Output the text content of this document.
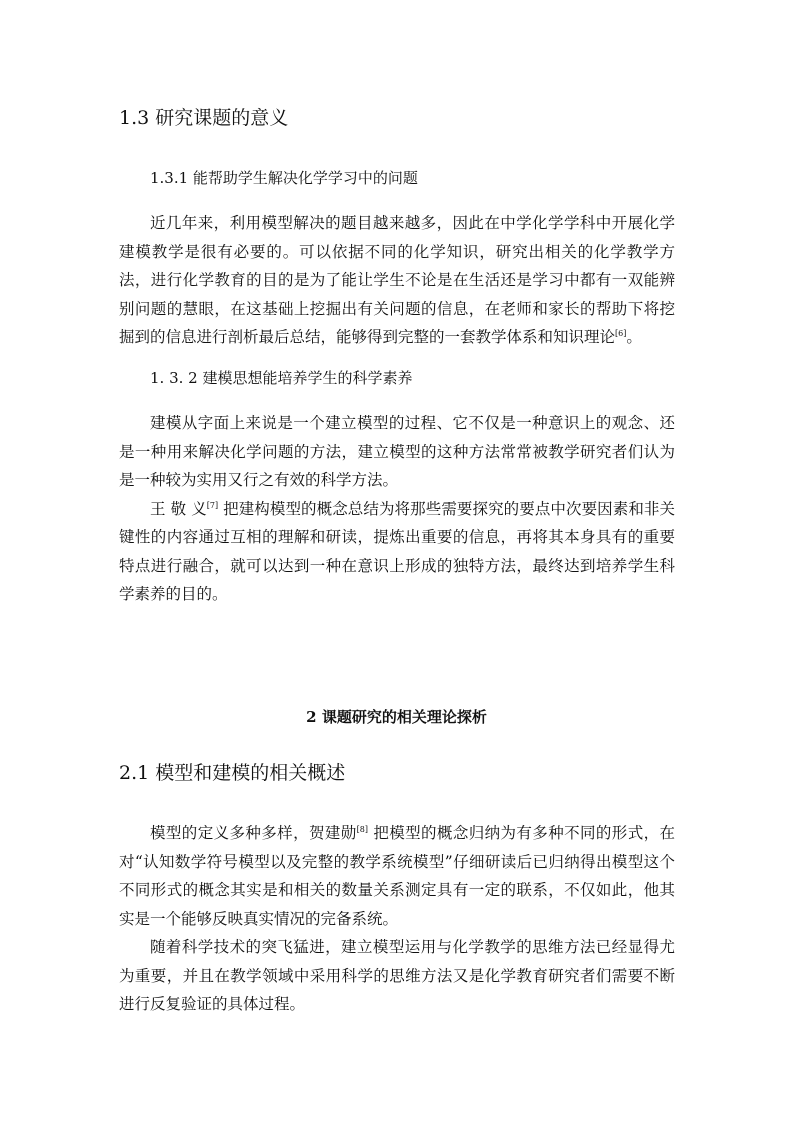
1.3 研究课题的意义
1.3.1 能帮助学生解决化学学习中的问题

近几年来，利用模型解决的题目越来越多，因此在中学化学学科中开展化学建模教学是很有必要的。可以依据不同的化学知识，研究出相关的化学教学方法，进行化学教育的目的是为了能让学生不论是在生活还是学习中都有一双能辨别问题的慧眼，在这基础上挖掘出有关问题的信息，在老师和家长的帮助下将挖掘到的信息进行剖析最后总结，能够得到完整的一套教学体系和知识理论[6]。

1. 3. 2 建模思想能培养学生的科学素养

建模从字面上来说是一个建立模型的过程、它不仅是一种意识上的观念、还是一种用来解决化学问题的方法，建立模型的这种方法常常被教学研究者们认为是一种较为实用又行之有效的科学方法。

王 敬 义[7] 把建构模型的概念总结为将那些需要探究的要点中次要因素和非关键性的内容通过互相的理解和研读，提炼出重要的信息，再将其本身具有的重要特点进行融合，就可以达到一种在意识上形成的独特方法，最终达到培养学生科学素养的目的。

2 课题研究的相关理论探析
2.1 模型和建模的相关概述

模型的定义多种多样，贺建勋[8] 把模型的概念归纳为有多种不同的形式，在对“认知数学符号模型以及完整的教学系统模型”仔细研读后已归纳得出模型这个不同形式的概念其实是和相关的数量关系测定具有一定的联系，不仅如此，他其实是一个能够反映真实情况的完备系统。

随着科学技术的突飞猛进，建立模型运用与化学教学的思维方法已经显得尤为重要，并且在教学领域中采用科学的思维方法又是化学教育研究者们需要不断进行反复验证的具体过程。
